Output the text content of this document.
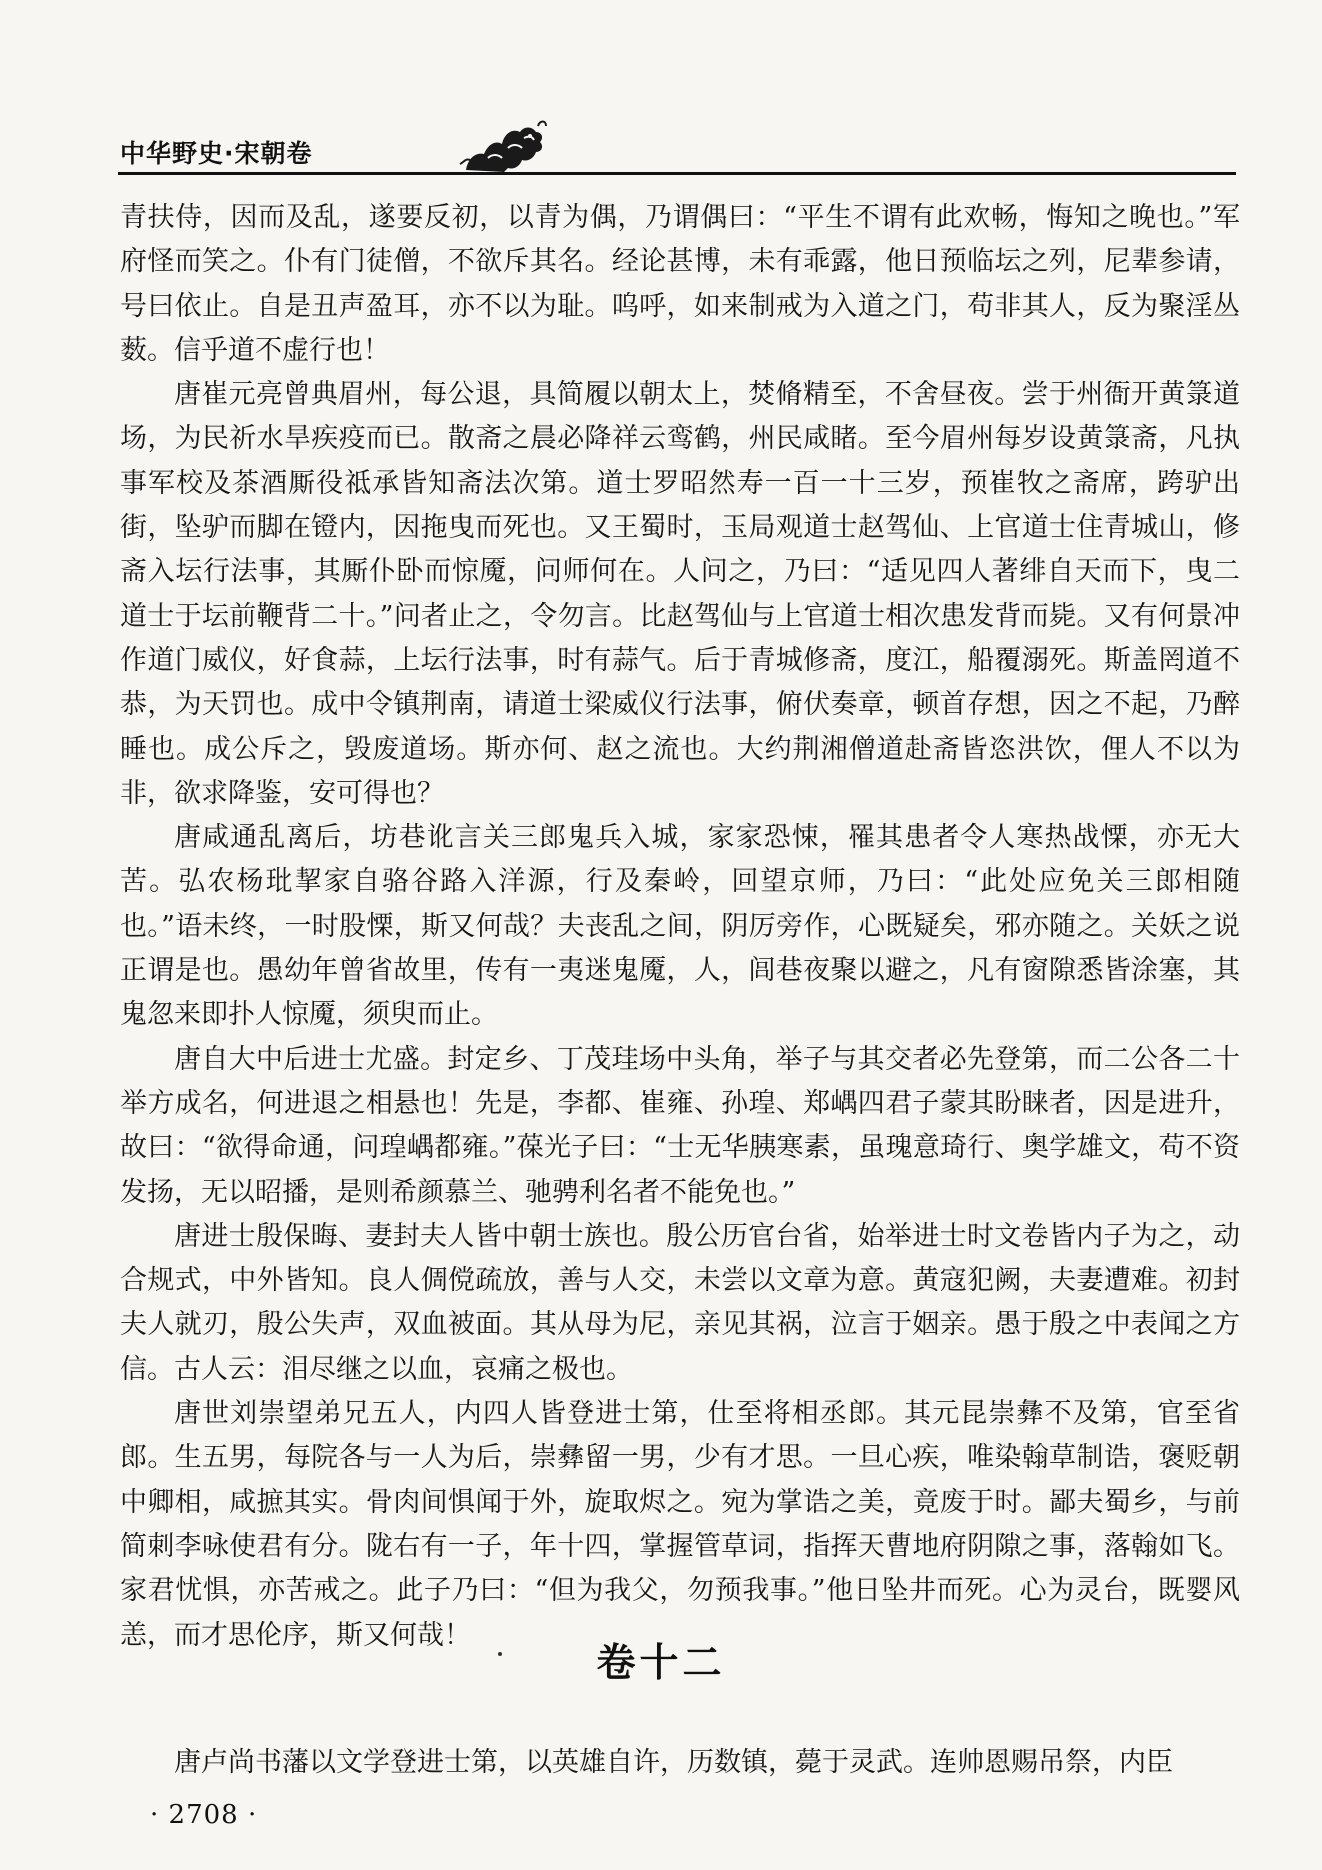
中华野史·宋朝卷

青扶侍，因而及乱，遂要反初，以青为偶，乃谓偶曰：“平生不谓有此欢畅，悔知之晚也。”军府怪而笑之。仆有门徒僧，不欲斥其名。经论甚博，未有乖露，他日预临坛之列，尼辈参请，号曰依止。自是丑声盈耳，亦不以为耻。呜呼，如来制戒为入道之门，苟非其人，反为聚淫丛薮。信乎道不虚行也！

唐崔元亮曾典眉州，每公退，具简履以朝太上，焚脩精至，不舍昼夜。尝于州衙开黄箓道场，为民祈水旱疾疫而已。散斋之晨必降祥云鸾鹤，州民咸睹。至今眉州每岁设黄箓斋，凡执事军校及茶酒厮役祗承皆知斋法次第。道士罗昭然寿一百一十三岁，预崔牧之斋席，跨驴出街，坠驴而脚在镫内，因拖曳而死也。又王蜀时，玉局观道士赵驾仙、上官道士住青城山，修斋入坛行法事，其厮仆卧而惊魇，问师何在。人问之，乃曰：“适见四人著绯自天而下，曳二道士于坛前鞭背二十。”问者止之，令勿言。比赵驾仙与上官道士相次患发背而毙。又有何景冲作道门威仪，好食蒜，上坛行法事，时有蒜气。后于青城修斋，度江，船覆溺死。斯盖罔道不恭，为天罚也。成中令镇荆南，请道士梁威仪行法事，俯伏奏章，顿首存想，因之不起，乃醉睡也。成公斥之，毁废道场。斯亦何、赵之流也。大约荆湘僧道赴斋皆恣洪饮，俚人不以为非，欲求降鉴，安可得也？

唐咸通乱离后，坊巷讹言关三郎鬼兵入城，家家恐悚，罹其患者令人寒热战慄，亦无大苦。弘农杨玭挈家自骆谷路入洋源，行及秦岭，回望京师，乃曰：“此处应免关三郎相随也。”语未终，一时股慄，斯又何哉？夫丧乱之间，阴厉旁作，心既疑矣，邪亦随之。关妖之说正谓是也。愚幼年曾省故里，传有一夷迷鬼魇，人，闾巷夜聚以避之，凡有窗隙悉皆涂塞，其鬼忽来即扑人惊魇，须臾而止。

唐自大中后进士尤盛。封定乡、丁茂珪场中头角，举子与其交者必先登第，而二公各二十举方成名，何进退之相悬也！先是，李都、崔雍、孙瑝、郑嵎四君子蒙其盼睐者，因是进升，故曰：“欲得命通，问瑝嵎都雍。”葆光子曰：“士无华胰寒素，虽瑰意琦行、奥学雄文，苟不资发扬，无以昭播，是则希颜慕兰、驰骋利名者不能免也。”

唐进士殷保晦、妻封夫人皆中朝士族也。殷公历官台省，始举进士时文卷皆内子为之，动合规式，中外皆知。良人倜傥疏放，善与人交，未尝以文章为意。黄寇犯阙，夫妻遭难。初封夫人就刃，殷公失声，双血被面。其从母为尼，亲见其祸，泣言于姻亲。愚于殷之中表闻之方信。古人云：泪尽继之以血，哀痛之极也。

唐世刘崇望弟兄五人，内四人皆登进士第，仕至将相丞郎。其元昆崇彝不及第，官至省郎。生五男，每院各与一人为后，崇彝留一男，少有才思。一旦心疾，唯染翰草制诰，褒贬朝中卿相，咸摭其实。骨肉间惧闻于外，旋取烬之。宛为掌诰之美，竟废于时。鄙夫蜀乡，与前简刺李咏使君有分。陇右有一子，年十四，掌握管草词，指挥天曹地府阴隙之事，落翰如飞。家君忧惧，亦苦戒之。此子乃曰：“但为我父，勿预我事。”他日坠井而死。心为灵台，既婴风恙，而才思伦序，斯又何哉！

卷十二

唐卢尚书藩以文学登进士第，以英雄自许，历数镇，薨于灵武。连帅恩赐吊祭，内臣

· 2708 ·
